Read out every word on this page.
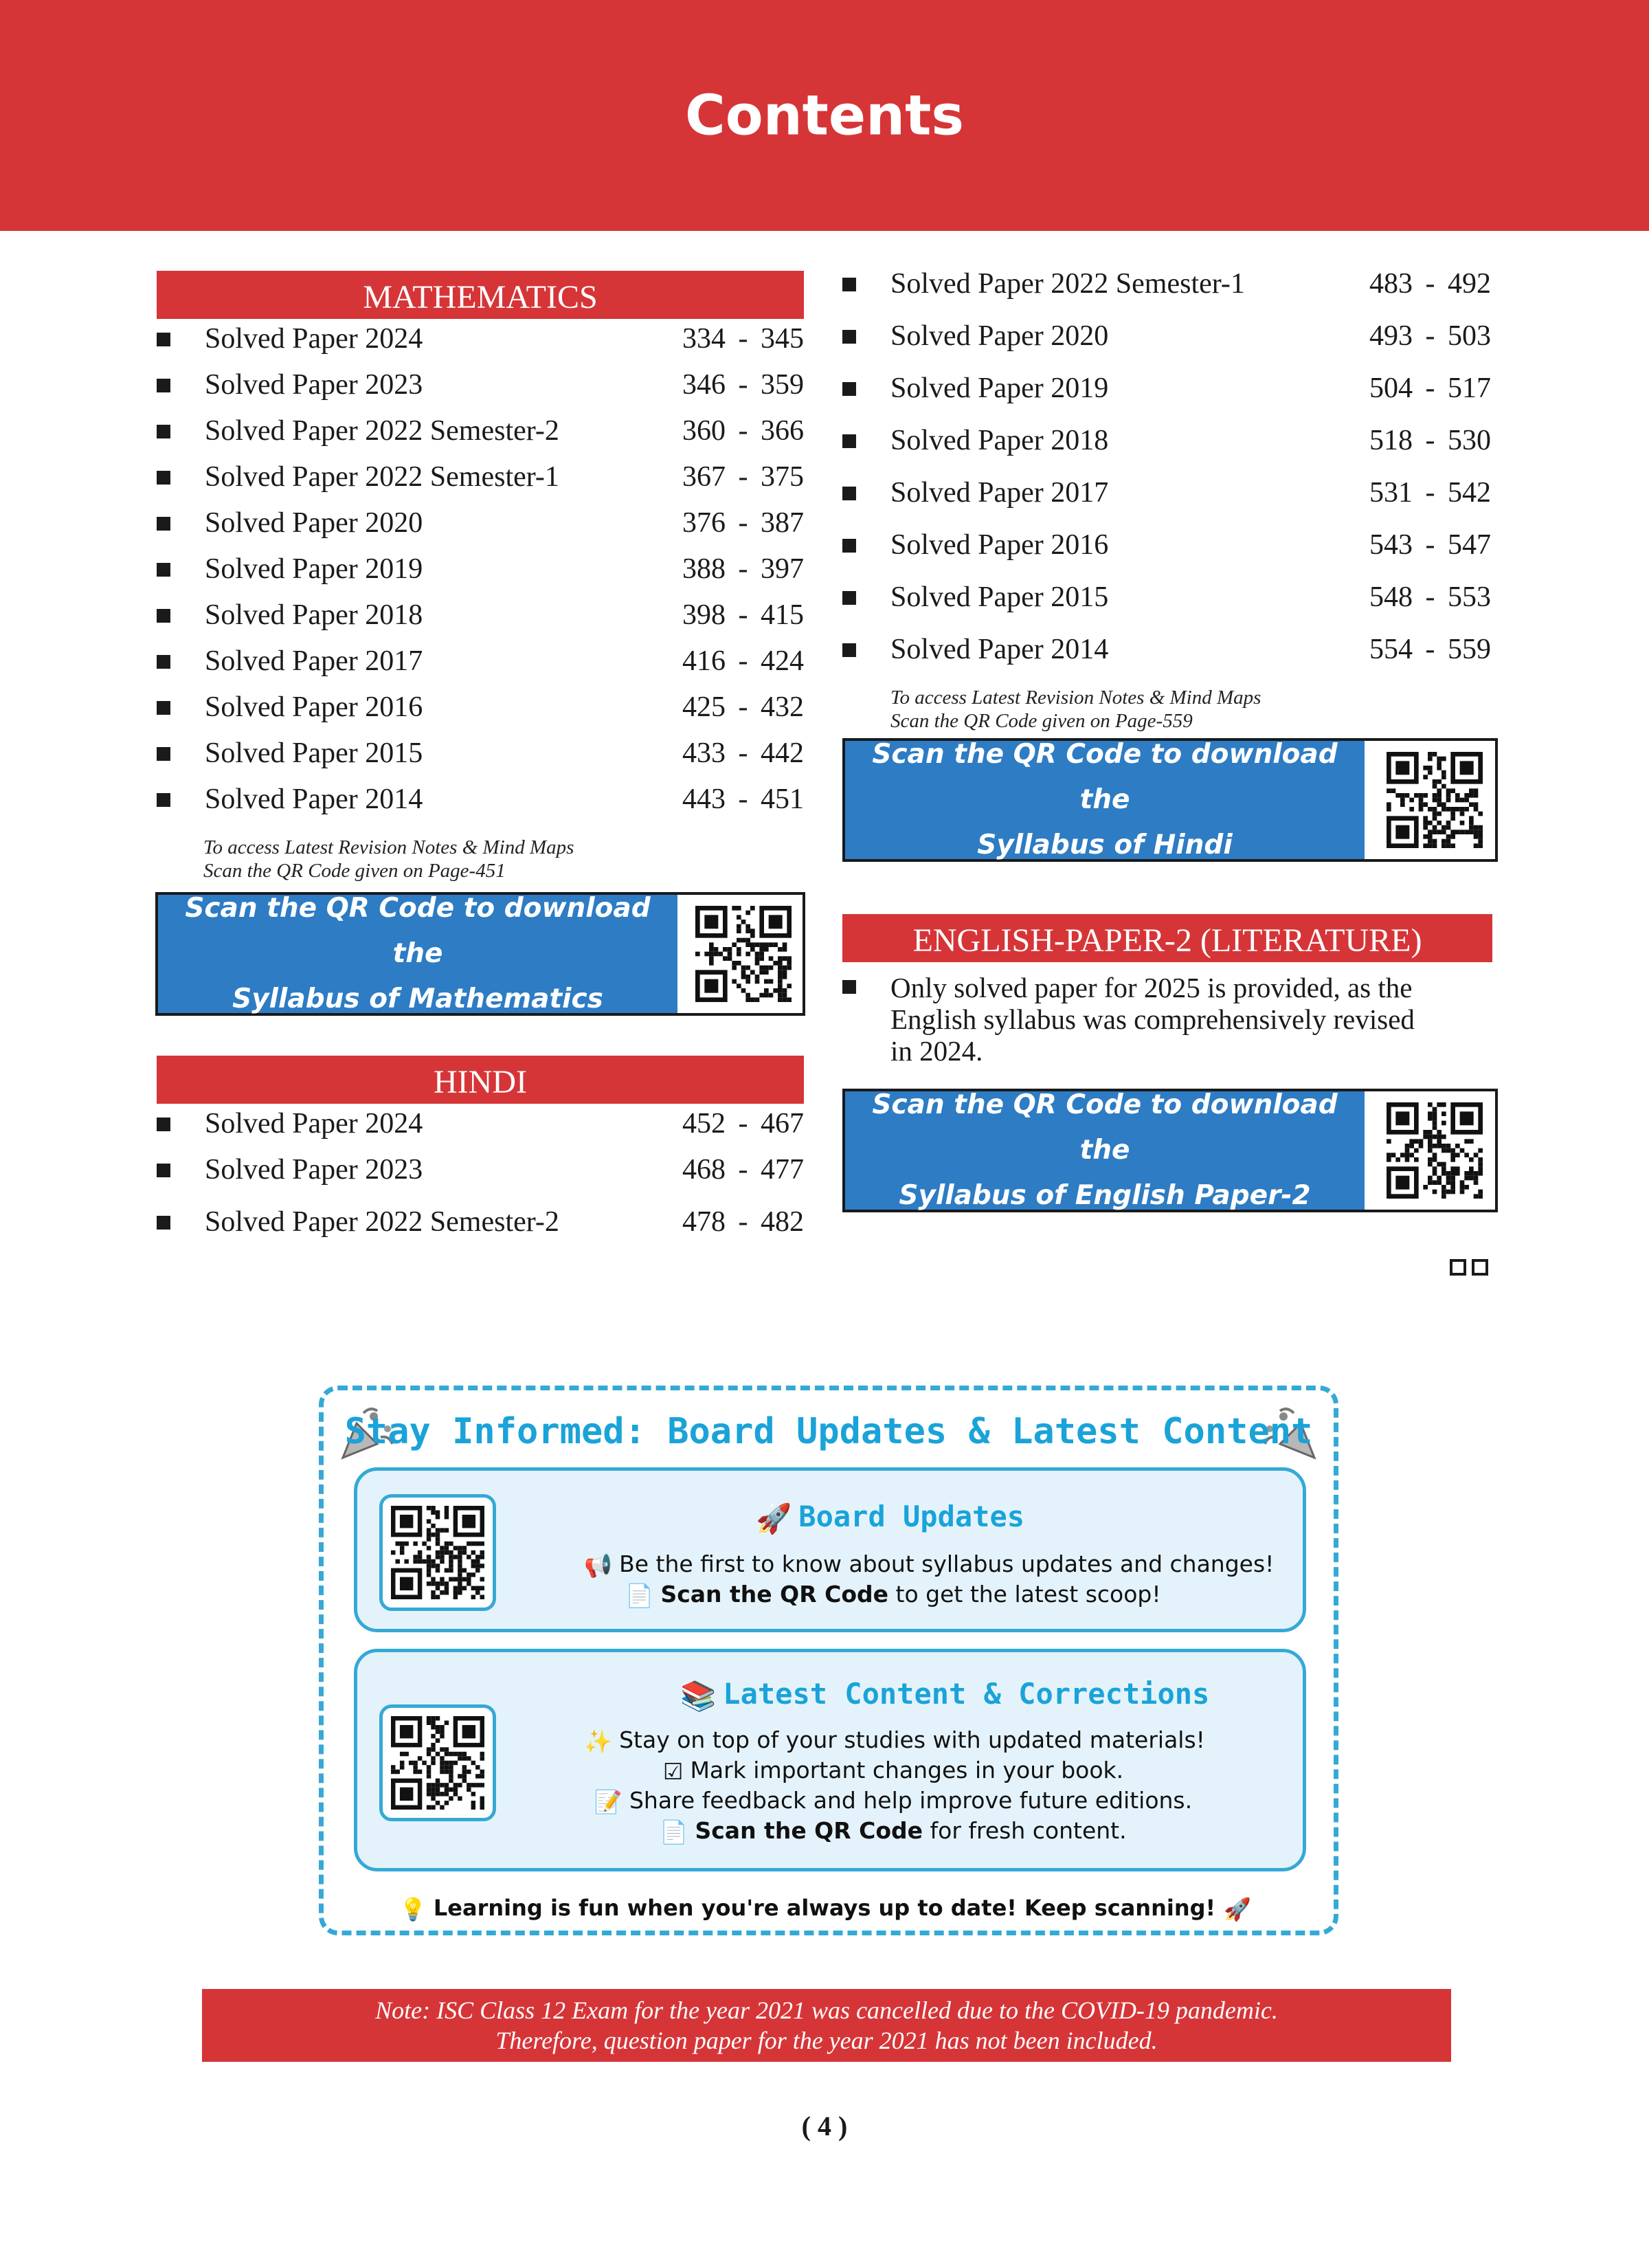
Contents
MATHEMATICS
Solved Paper 2024	334 - 345
Solved Paper 2023	346 - 359
Solved Paper 2022 Semester-2	360 - 366
Solved Paper 2022 Semester-1	367 - 375
Solved Paper 2020	376 - 387
Solved Paper 2019	388 - 397
Solved Paper 2018	398 - 415
Solved Paper 2017	416 - 424
Solved Paper 2016	425 - 432
Solved Paper 2015	433 - 442
Solved Paper 2014	443 - 451
To access Latest Revision Notes & Mind Maps
Scan the QR Code given on Page-451
Scan the QR Code to download the
Syllabus of Mathematics
HINDI
Solved Paper 2024	452 - 467
Solved Paper 2023	468 - 477
Solved Paper 2022 Semester-2	478 - 482
Solved Paper 2022 Semester-1	483 - 492
Solved Paper 2020	493 - 503
Solved Paper 2019	504 - 517
Solved Paper 2018	518 - 530
Solved Paper 2017	531 - 542
Solved Paper 2016	543 - 547
Solved Paper 2015	548 - 553
Solved Paper 2014	554 - 559
To access Latest Revision Notes & Mind Maps
Scan the QR Code given on Page-559
Scan the QR Code to download the
Syllabus of Hindi
ENGLISH-PAPER-2 (LITERATURE)
Only solved paper for 2025 is provided, as the
English syllabus was comprehensively revised
in 2024.
Scan the QR Code to download the
Syllabus of English Paper-2
Stay Informed: Board Updates & Latest Content
🚀 Board Updates
📢 Be the first to know about syllabus updates and changes!
📄 Scan the QR Code to get the latest scoop!
📚 Latest Content & Corrections
✨ Stay on top of your studies with updated materials!
☑ Mark important changes in your book.
📝 Share feedback and help improve future editions.
📄 Scan the QR Code for fresh content.
💡 Learning is fun when you're always up to date! Keep scanning! 🚀
Note: ISC Class 12 Exam for the year 2021 was cancelled due to the COVID-19 pandemic.
Therefore, question paper for the year 2021 has not been included.
( 4 )
